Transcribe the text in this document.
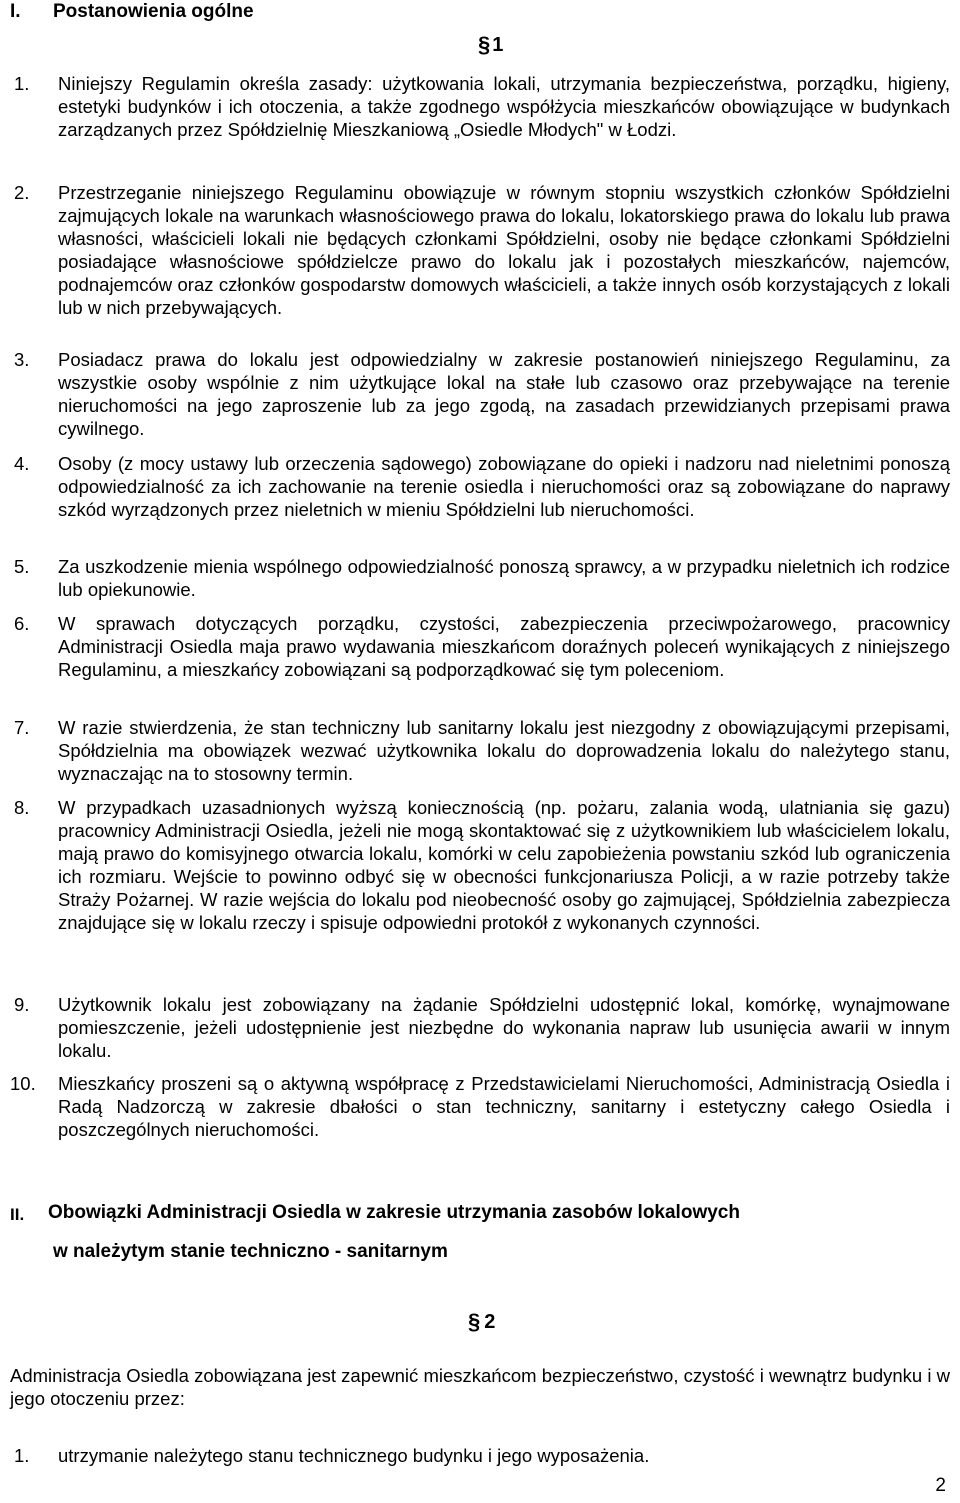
I. Postanowienia ogólne
§ 1
1. Niniejszy Regulamin określa zasady: użytkowania lokali, utrzymania bezpieczeństwa, porządku, higieny, estetyki budynków i ich otoczenia, a także zgodnego współżycia mieszkańców obowiązujące w budynkach zarządzanych przez Spółdzielnię Mieszkaniową „Osiedle Młodych" w Łodzi.
2. Przestrzeganie niniejszego Regulaminu obowiązuje w równym stopniu wszystkich członków Spółdzielni zajmujących lokale na warunkach własnościowego prawa do lokalu, lokatorskiego prawa do lokalu lub prawa własności, właścicieli lokali nie będących członkami Spółdzielni, osoby nie będące członkami Spółdzielni posiadające własnościowe spółdzielcze prawo do lokalu jak i pozostałych mieszkańców, najemców, podnajemców oraz członków gospodarstw domowych właścicieli, a także innych osób korzystających z lokali lub w nich przebywających.
3. Posiadacz prawa do lokalu jest odpowiedzialny w zakresie postanowień niniejszego Regulaminu, za wszystkie osoby wspólnie z nim użytkujące lokal na stałe lub czasowo oraz przebywające na terenie nieruchomości na jego zaproszenie lub za jego zgodą, na zasadach przewidzianych przepisami prawa cywilnego.
4. Osoby (z mocy ustawy lub orzeczenia sądowego) zobowiązane do opieki i nadzoru nad nieletnimi ponoszą odpowiedzialność za ich zachowanie na terenie osiedla i nieruchomości oraz są zobowiązane do naprawy szkód wyrządzonych przez nieletnich w mieniu Spółdzielni lub nieruchomości.
5. Za uszkodzenie mienia wspólnego odpowiedzialność ponoszą sprawcy, a w przypadku nieletnich ich rodzice lub opiekunowie.
6. W sprawach dotyczących porządku, czystości, zabezpieczenia przeciwpożarowego, pracownicy Administracji Osiedla maja prawo wydawania mieszkańcom doraźnych poleceń wynikających z niniejszego Regulaminu, a mieszkańcy zobowiązani są podporządkować się tym poleceniom.
7. W razie stwierdzenia, że stan techniczny lub sanitarny lokalu jest niezgodny z obowiązującymi przepisami, Spółdzielnia ma obowiązek wezwać użytkownika lokalu do doprowadzenia lokalu do należytego stanu, wyznaczając na to stosowny termin.
8. W przypadkach uzasadnionych wyższą koniecznością (np. pożaru, zalania wodą, ulatniania się gazu) pracownicy Administracji Osiedla, jeżeli nie mogą skontaktować się z użytkownikiem lub właścicielem lokalu, mają prawo do komisyjnego otwarcia lokalu, komórki w celu zapobieżenia powstaniu szkód lub ograniczenia ich rozmiaru. Wejście to powinno odbyć się w obecności funkcjonariusza Policji, a w razie potrzeby także Straży Pożarnej. W razie wejścia do lokalu pod nieobecność osoby go zajmującej, Spółdzielnia zabezpiecza znajdujące się w lokalu rzeczy i spisuje odpowiedni protokół z wykonanych czynności.
9. Użytkownik lokalu jest zobowiązany na żądanie Spółdzielni udostępnić lokal, komórkę, wynajmowane pomieszczenie, jeżeli udostępnienie jest niezbędne do wykonania napraw lub usunięcia awarii w innym lokalu.
10. Mieszkańcy proszeni są o aktywną współpracę z Przedstawicielami Nieruchomości, Administracją Osiedla i Radą Nadzorczą w zakresie dbałości o stan techniczny, sanitarny i estetyczny całego Osiedla i poszczególnych nieruchomości.
II. Obowiązki Administracji Osiedla w zakresie utrzymania zasobów lokalowych
w należytym stanie techniczno - sanitarnym
§ 2
Administracja Osiedla zobowiązana jest zapewnić mieszkańcom bezpieczeństwo, czystość i wewnątrz budynku i w jego otoczeniu przez:
1. utrzymanie należytego stanu technicznego budynku i jego wyposażenia.
2
